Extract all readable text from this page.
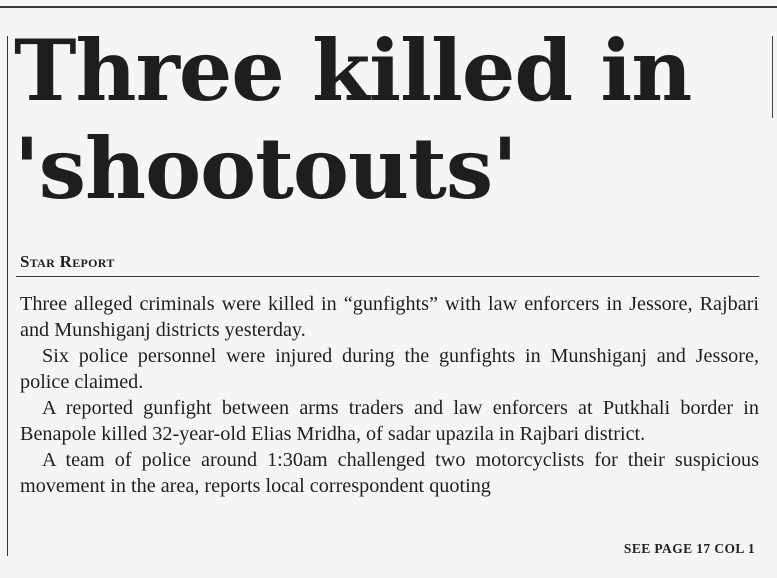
Three killed in
'shootouts'
Star Report

Three alleged criminals were killed in “gunfights” with law enforcers in Jessore, Rajbari and Munshiganj districts yesterday.

Six police personnel were injured during the gunfights in Munshiganj and Jessore, police claimed.

A reported gunfight between arms traders and law enforcers at Putkhali border in Benapole killed 32-year-old Elias Mridha, of sadar upazila in Rajbari district.

A team of police around 1:30am challenged two motorcyclists for their suspicious movement in the area, reports local correspondent quoting

SEE PAGE 17 COL 1
